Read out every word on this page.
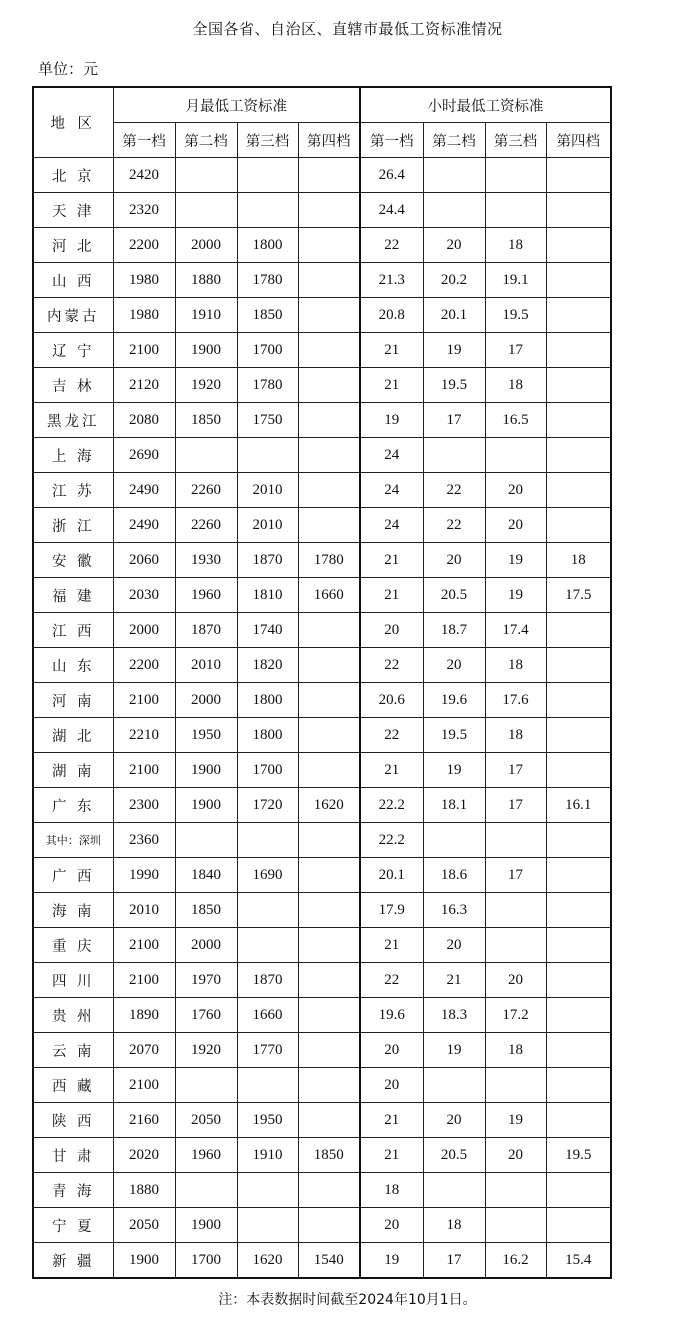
全国各省、自治区、直辖市最低工资标准情况
单位：元
地 区	月最低工资标准				小时最低工资标准			
	第一档	第二档	第三档	第四档	第一档	第二档	第三档	第四档
北 京	2420				26.4			
天 津	2320				24.4			
河 北	2200	2000	1800		22	20	18	
山 西	1980	1880	1780		21.3	20.2	19.1	
内蒙古	1980	1910	1850		20.8	20.1	19.5	
辽 宁	2100	1900	1700		21	19	17	
吉 林	2120	1920	1780		21	19.5	18	
黑龙江	2080	1850	1750		19	17	16.5	
上 海	2690				24			
江 苏	2490	2260	2010		24	22	20	
浙 江	2490	2260	2010		24	22	20	
安 徽	2060	1930	1870	1780	21	20	19	18
福 建	2030	1960	1810	1660	21	20.5	19	17.5
江 西	2000	1870	1740		20	18.7	17.4	
山 东	2200	2010	1820		22	20	18	
河 南	2100	2000	1800		20.6	19.6	17.6	
湖 北	2210	1950	1800		22	19.5	18	
湖 南	2100	1900	1700		21	19	17	
广 东	2300	1900	1720	1620	22.2	18.1	17	16.1
其中：深圳	2360				22.2			
广 西	1990	1840	1690		20.1	18.6	17	
海 南	2010	1850			17.9	16.3		
重 庆	2100	2000			21	20		
四 川	2100	1970	1870		22	21	20	
贵 州	1890	1760	1660		19.6	18.3	17.2	
云 南	2070	1920	1770		20	19	18	
西 藏	2100				20			
陕 西	2160	2050	1950		21	20	19	
甘 肃	2020	1960	1910	1850	21	20.5	20	19.5
青 海	1880				18			
宁 夏	2050	1900			20	18		
新 疆	1900	1700	1620	1540	19	17	16.2	15.4
注：本表数据时间截至2024年10月1日。
